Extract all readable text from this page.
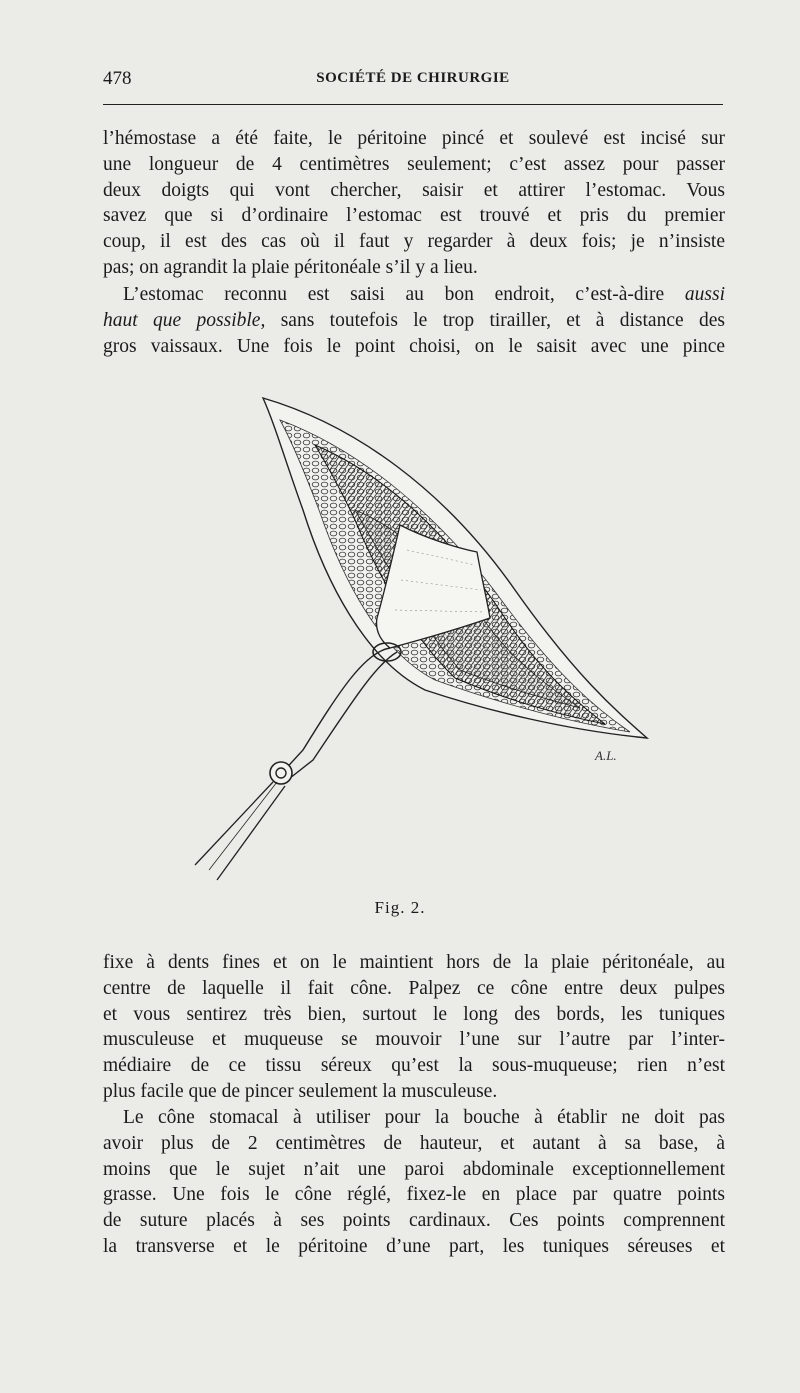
478	SOCIÉTÉ DE CHIRURGIE
l’hémostase a été faite, le péritoine pincé et soulevé est incisé sur
une longueur de 4 centimètres seulement; c’est assez pour passer
deux doigts qui vont chercher, saisir et attirer l’estomac. Vous
savez que si d’ordinaire l’estomac est trouvé et pris du premier
coup, il est des cas où il faut y regarder à deux fois; je n’insiste
pas; on agrandit la plaie péritonéale s’il y a lieu.
L’estomac reconnu est saisi au bon endroit, c’est-à-dire aussi
haut que possible, sans toutefois le trop tirailler, et à distance des
gros vaissaux. Une fois le point choisi, on le saisit avec une pince
A.L.
Fig. 2.
fixe à dents fines et on le maintient hors de la plaie péritonéale, au
centre de laquelle il fait cône. Palpez ce cône entre deux pulpes
et vous sentirez très bien, surtout le long des bords, les tuniques
musculeuse et muqueuse se mouvoir l’une sur l’autre par l’inter-
médiaire de ce tissu séreux qu’est la sous-muqueuse; rien n’est
plus facile que de pincer seulement la musculeuse.
Le cône stomacal à utiliser pour la bouche à établir ne doit pas
avoir plus de 2 centimètres de hauteur, et autant à sa base, à
moins que le sujet n’ait une paroi abdominale exceptionnellement
grasse. Une fois le cône réglé, fixez-le en place par quatre points
de suture placés à ses points cardinaux. Ces points comprennent
la transverse et le péritoine d’une part, les tuniques séreuses et
